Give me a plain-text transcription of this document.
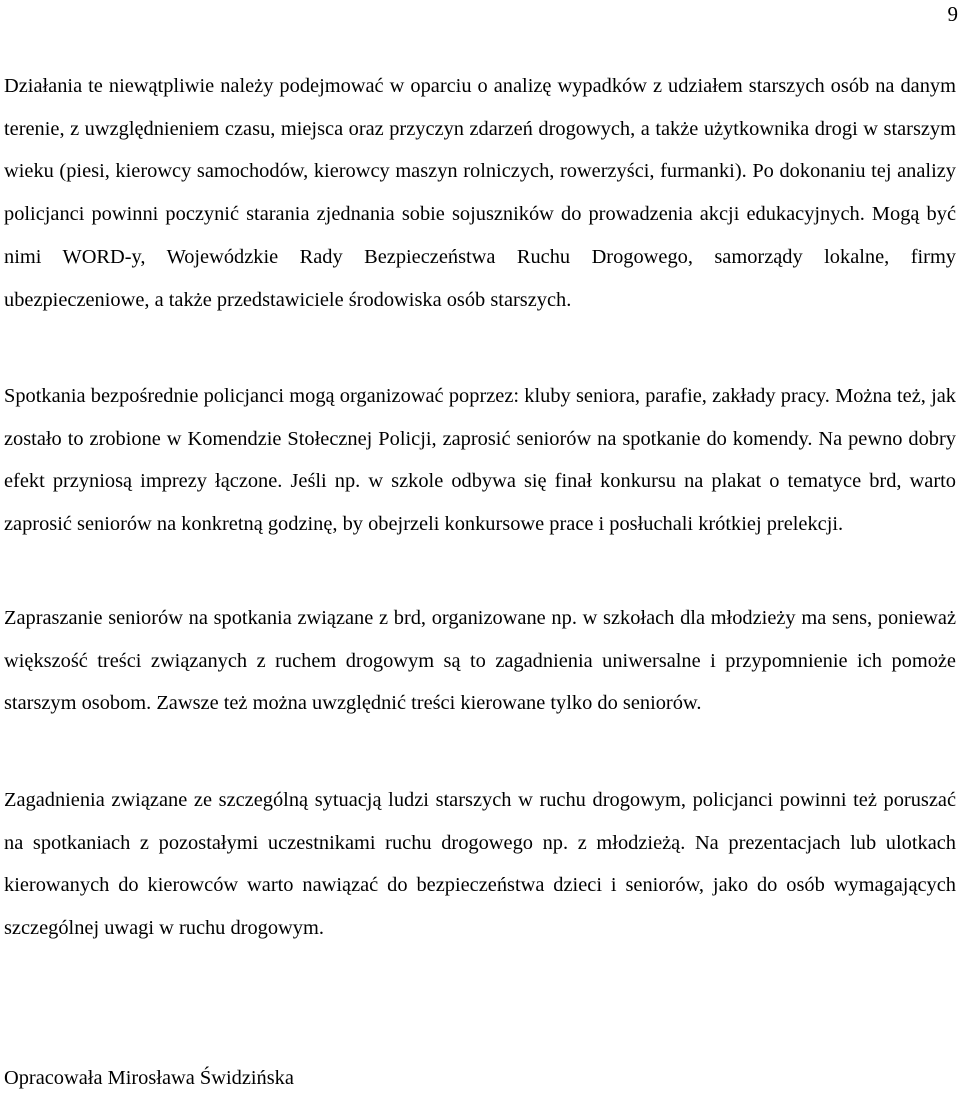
9

Działania te niewątpliwie należy podejmować w oparciu o analizę wypadków z udziałem starszych osób na danym terenie, z uwzględnieniem czasu, miejsca oraz przyczyn zdarzeń drogowych, a także użytkownika drogi w starszym wieku (piesi, kierowcy samochodów, kierowcy maszyn rolniczych, rowerzyści, furmanki). Po dokonaniu tej analizy policjanci powinni poczynić starania zjednania sobie sojuszników do prowadzenia akcji edukacyjnych. Mogą być nimi WORD-y, Wojewódzkie Rady Bezpieczeństwa Ruchu Drogowego, samorządy lokalne, firmy ubezpieczeniowe, a także przedstawiciele środowiska osób starszych.

Spotkania bezpośrednie policjanci mogą organizować poprzez: kluby seniora, parafie, zakłady pracy. Można też, jak zostało to zrobione w Komendzie Stołecznej Policji, zaprosić seniorów na spotkanie do komendy. Na pewno dobry efekt przyniosą imprezy łączone. Jeśli np. w szkole odbywa się finał konkursu na plakat o tematyce brd, warto zaprosić seniorów na konkretną godzinę, by obejrzeli konkursowe prace i posłuchali krótkiej prelekcji.

Zapraszanie seniorów na spotkania związane z brd, organizowane np. w szkołach dla młodzieży ma sens, ponieważ większość treści związanych z ruchem drogowym są to zagadnienia uniwersalne i przypomnienie ich pomoże starszym osobom. Zawsze też można uwzględnić treści kierowane tylko do seniorów.

Zagadnienia związane ze szczególną sytuacją ludzi starszych w ruchu drogowym, policjanci powinni też poruszać na spotkaniach z pozostałymi uczestnikami ruchu drogowego np. z młodzieżą. Na prezentacjach lub ulotkach kierowanych do kierowców warto nawiązać do bezpieczeństwa dzieci i seniorów, jako do osób wymagających szczególnej uwagi w ruchu drogowym.

Opracowała Mirosława Świdzińska
